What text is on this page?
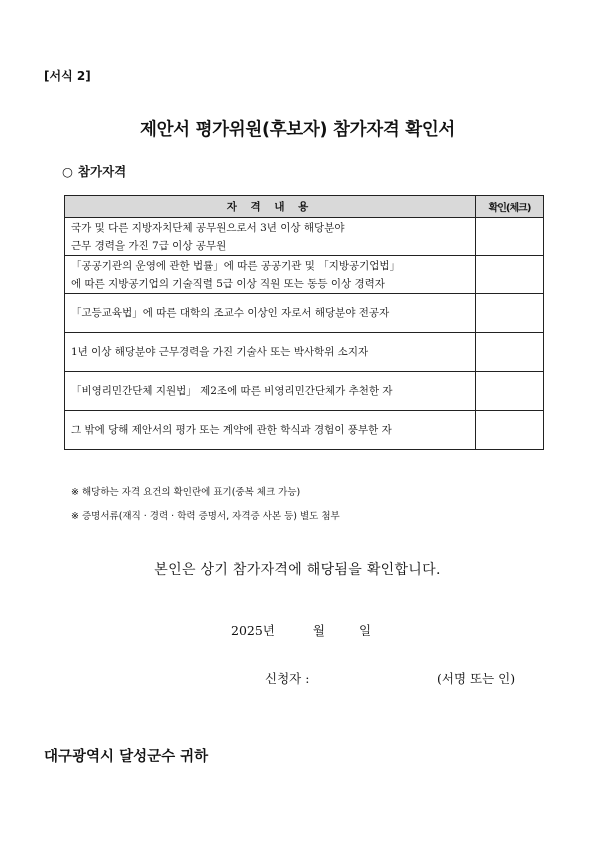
[서식 2]
제안서 평가위원(후보자) 참가자격 확인서
○ 참가자격
자 격 내 용	확인(체크)
국가 및 다른 지방자치단체 공무원으로서 3년 이상 해당분야
근무 경력을 가진 7급 이상 공무원	
「공공기관의 운영에 관한 법률」에 따른 공공기관 및 「지방공기업법」
에 따른 지방공기업의 기술직렬 5급 이상 직원 또는 동등 이상 경력자	
「고등교육법」에 따른 대학의 조교수 이상인 자로서 해당분야 전공자	
1년 이상 해당분야 근무경력을 가진 기술사 또는 박사학위 소지자	
「비영리민간단체 지원법」 제2조에 따른 비영리민간단체가 추천한 자	
그 밖에 당해 제안서의 평가 또는 계약에 관한 학식과 경험이 풍부한 자	
※ 해당하는 자격 요건의 확인란에 표기(중복 체크 가능)
※ 증명서류(재직 · 경력 · 학력 증명서, 자격증 사본 등) 별도 첨부
본인은 상기 참가자격에 해당됨을 확인합니다.
2025년	월	일
신청자 :	(서명 또는 인)
대구광역시 달성군수 귀하
